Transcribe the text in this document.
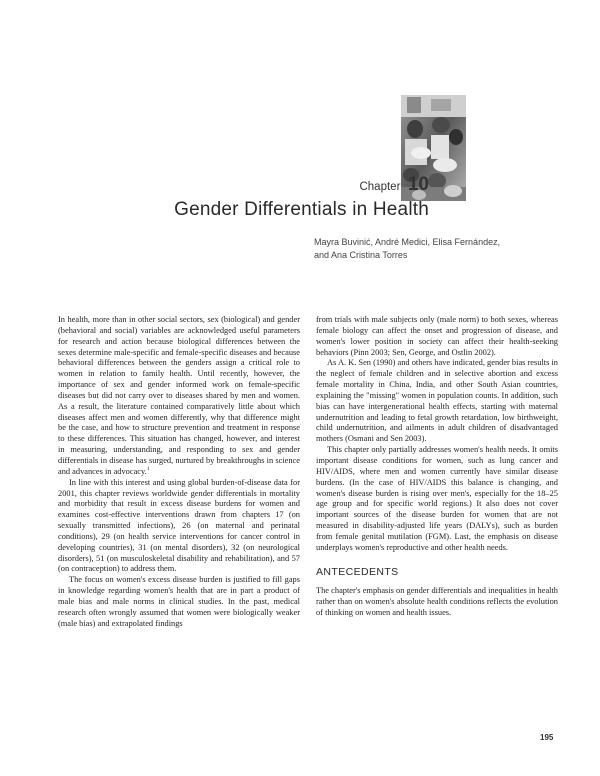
Chapter 10
Gender Differentials in Health
Mayra Buvinić, André Medici, Elisa Fernández,
and Ana Cristina Torres

In health, more than in other social sectors, sex (biological) and gender (behavioral and social) variables are acknowledged useful parameters for research and action because biological differences between the sexes determine male-specific and female-specific diseases and because behavioral differences between the genders assign a critical role to women in relation to family health. Until recently, however, the importance of sex and gender informed work on female-specific diseases but did not carry over to diseases shared by men and women. As a result, the literature contained comparatively little about which diseases affect men and women differently, why that difference might be the case, and how to structure prevention and treatment in response to these differences. This situation has changed, however, and interest in measuring, understanding, and responding to sex and gender differentials in disease has surged, nurtured by breakthroughs in science and advances in advocacy.$^1$

In line with this interest and using global burden-of-disease data for 2001, this chapter reviews worldwide gender differentials in mortality and morbidity that result in excess disease burdens for women and examines cost-effective interventions drawn from chapters 17 (on sexually transmitted infections), 26 (on maternal and perinatal conditions), 29 (on health service interventions for cancer control in developing countries), 31 (on mental disorders), 32 (on neurological disorders), 51 (on musculoskeletal disability and rehabilitation), and 57 (on contraception) to address them.

The focus on women's excess disease burden is justified to fill gaps in knowledge regarding women's health that are in part a product of male bias and male norms in clinical studies. In the past, medical research often wrongly assumed that women were biologically weaker (male bias) and extrapolated findings

from trials with male subjects only (male norm) to both sexes, whereas female biology can affect the onset and progression of disease, and women's lower position in society can affect their health-seeking behaviors (Pinn 2003; Sen, George, and Ostlin 2002).

As A. K. Sen (1990) and others have indicated, gender bias results in the neglect of female children and in selective abortion and excess female mortality in China, India, and other South Asian countries, explaining the "missing" women in population counts. In addition, such bias can have intergenerational health effects, starting with maternal undernutrition and leading to fetal growth retardation, low birthweight, child undernutrition, and ailments in adult children of disadvantaged mothers (Osmani and Sen 2003).

This chapter only partially addresses women's health needs. It omits important disease conditions for women, such as lung cancer and HIV/AIDS, where men and women currently have similar disease burdens. (In the case of HIV/AIDS this balance is changing, and women's disease burden is rising over men's, especially for the 18–25 age group and for specific world regions.) It also does not cover important sources of the disease burden for women that are not measured in disability-adjusted life years (DALYs), such as burden from female genital mutilation (FGM). Last, the emphasis on disease underplays women's reproductive and other health needs.

ANTECEDENTS

The chapter's emphasis on gender differentials and inequalities in health rather than on women's absolute health conditions reflects the evolution of thinking on women and health issues.

195
